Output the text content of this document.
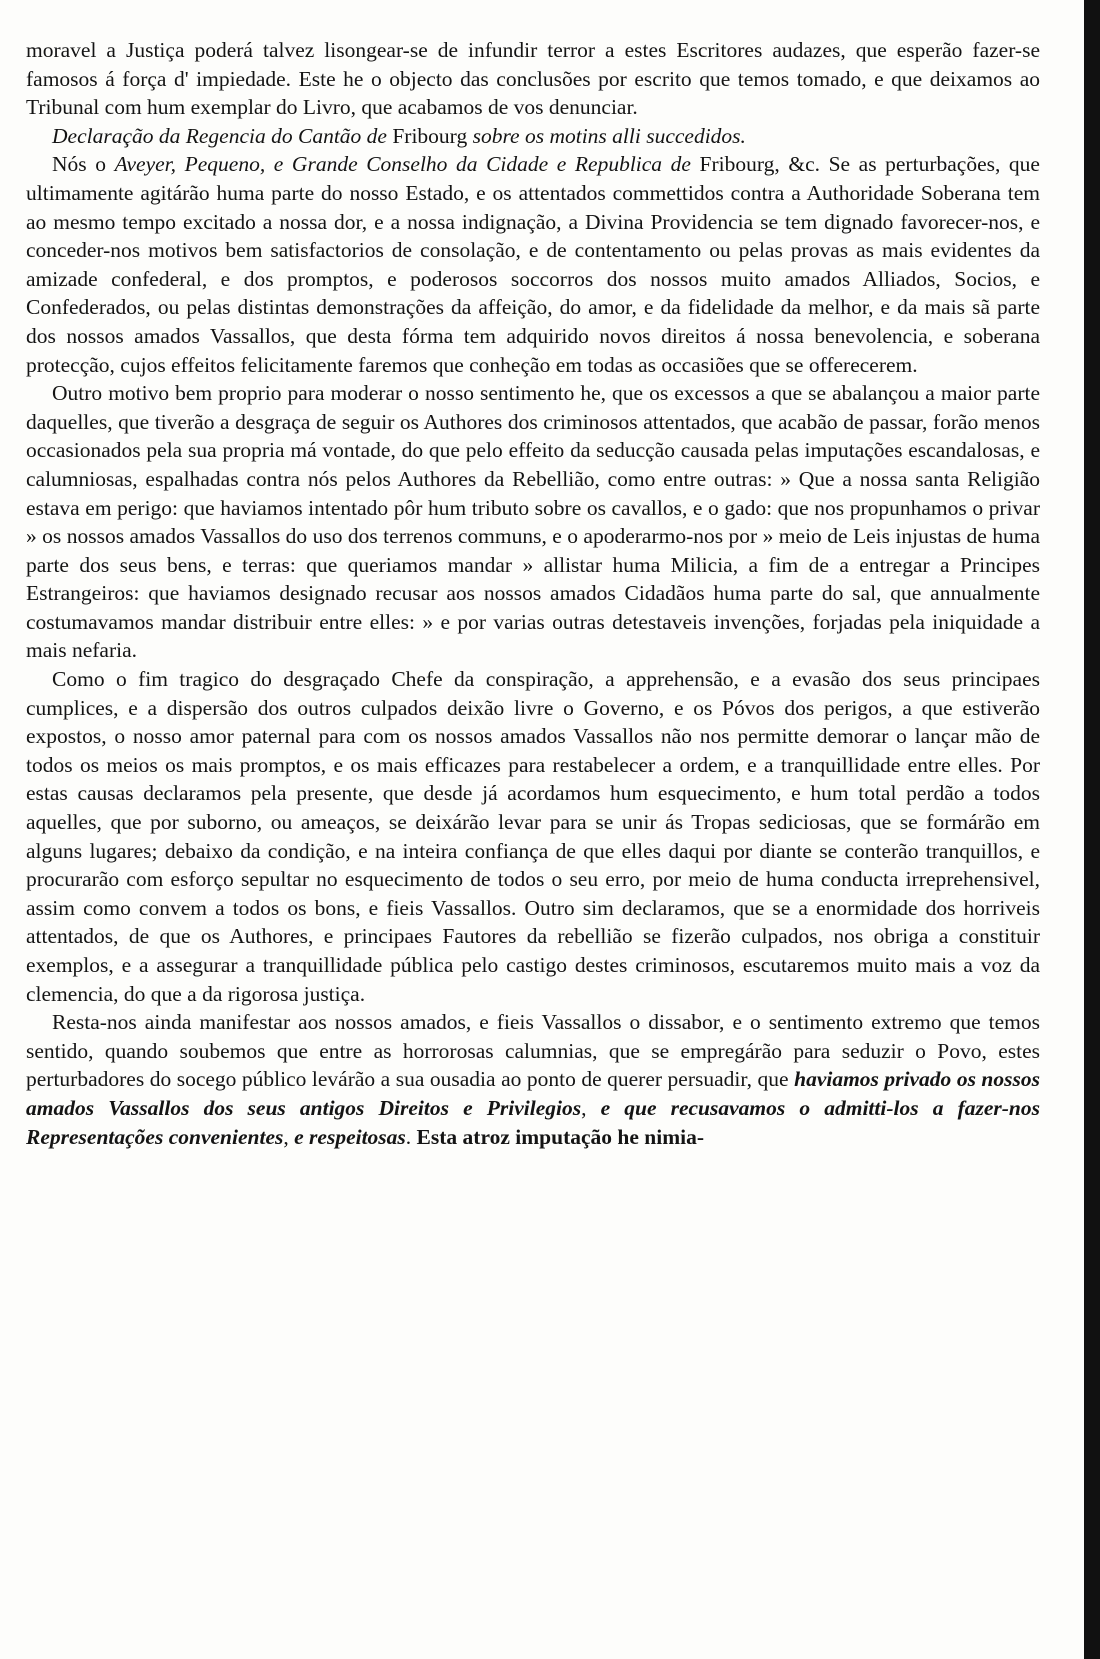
moravel a Justiça poderá talvez lisongear-se de infundir terror a estes Escritores audazes, que esperão fazer-se famosos á força d' impiedade. Este he o objecto das conclusões por escrito que temos tomado, e que deixamos ao Tribunal com hum exemplar do Livro, que acabamos de vos denunciar.

Declaração da Regencia do Cantão de Fribourg sobre os motins alli succedidos.

Nós o Aveyer, Pequeno, e Grande Conselho da Cidade e Republica de Fribourg, &c. Se as perturbações, que ultimamente agitárão huma parte do nosso Estado, e os attentados commettidos contra a Authoridade Soberana tem ao mesmo tempo excitado a nossa dor, e a nossa indignação, a Divina Providencia se tem dignado favorecer-nos, e conceder-nos motivos bem satisfactorios de consolação, e de contentamento ou pelas provas as mais evidentes da amizade confederal, e dos promptos, e poderosos soccorros dos nossos muito amados Alliados, Socios, e Confederados, ou pelas distintas demonstrações da affeição, do amor, e da fidelidade da melhor, e da mais sã parte dos nossos amados Vassallos, que desta fórma tem adquirido novos direitos á nossa benevolencia, e soberana protecção, cujos effeitos felicitamente faremos que conheção em todas as occasiões que se offerecerem.

Outro motivo bem proprio para moderar o nosso sentimento he, que os excessos a que se abalançou a maior parte daquelles, que tiverão a desgraça de seguir os Authores dos criminosos attentados, que acabão de passar, forão menos occasionados pela sua propria má vontade, do que pelo effeito da seducção causada pelas imputações escandalosas, e calumniosas, espalhadas contra nós pelos Authores da Rebellião, como entre outras: » Que a nossa santa Religião estava em perigo: que haviamos intentado pôr hum tributo sobre os cavallos, e o gado: que nos propunhamos o privar » os nossos amados Vassallos do uso dos terrenos communs, e o apoderarmo-nos por » meio de Leis injustas de huma parte dos seus bens, e terras: que queriamos mandar » allistar huma Milicia, a fim de a entregar a Principes Estrangeiros: que haviamos designado recusar aos nossos amados Cidadãos huma parte do sal, que annualmente costumavamos mandar distribuir entre elles: » e por varias outras detestaveis invenções, forjadas pela iniquidade a mais nefaria.

Como o fim tragico do desgraçado Chefe da conspiração, a apprehensão, e a evasão dos seus principaes cumplices, e a dispersão dos outros culpados deixão livre o Governo, e os Póvos dos perigos, a que estiverão expostos, o nosso amor paternal para com os nossos amados Vassallos não nos permitte demorar o lançar mão de todos os meios os mais promptos, e os mais efficazes para restabelecer a ordem, e a tranquillidade entre elles. Por estas causas declaramos pela presente, que desde já acordamos hum esquecimento, e hum total perdão a todos aquelles, que por suborno, ou ameaços, se deixárão levar para se unir ás Tropas sediciosas, que se formárão em alguns lugares; debaixo da condição, e na inteira confiança de que elles daqui por diante se conterão tranquillos, e procurarão com esforço sepultar no esquecimento de todos o seu erro, por meio de huma conducta irreprehensivel, assim como convem a todos os bons, e fieis Vassallos. Outro sim declaramos, que se a enormidade dos horriveis attentados, de que os Authores, e principaes Fautores da rebellião se fizerão culpados, nos obriga a constituir exemplos, e a assegurar a tranquillidade pública pelo castigo destes criminosos, escutaremos muito mais a voz da clemencia, do que a da rigorosa justiça.

Resta-nos ainda manifestar aos nossos amados, e fieis Vassallos o dissabor, e o sentimento extremo que temos sentido, quando soubemos que entre as horrorosas calumnias, que se empregárão para seduzir o Povo, estes perturbadores do socego público levárão a sua ousadia ao ponto de querer persuadir, que haviamos privado os nossos amados Vassallos dos seus antigos Direitos e Privilegios, e que recusavamos o admitti-los a fazer-nos Representações convenientes, e respeitosas. Esta atroz imputação he nimia-
